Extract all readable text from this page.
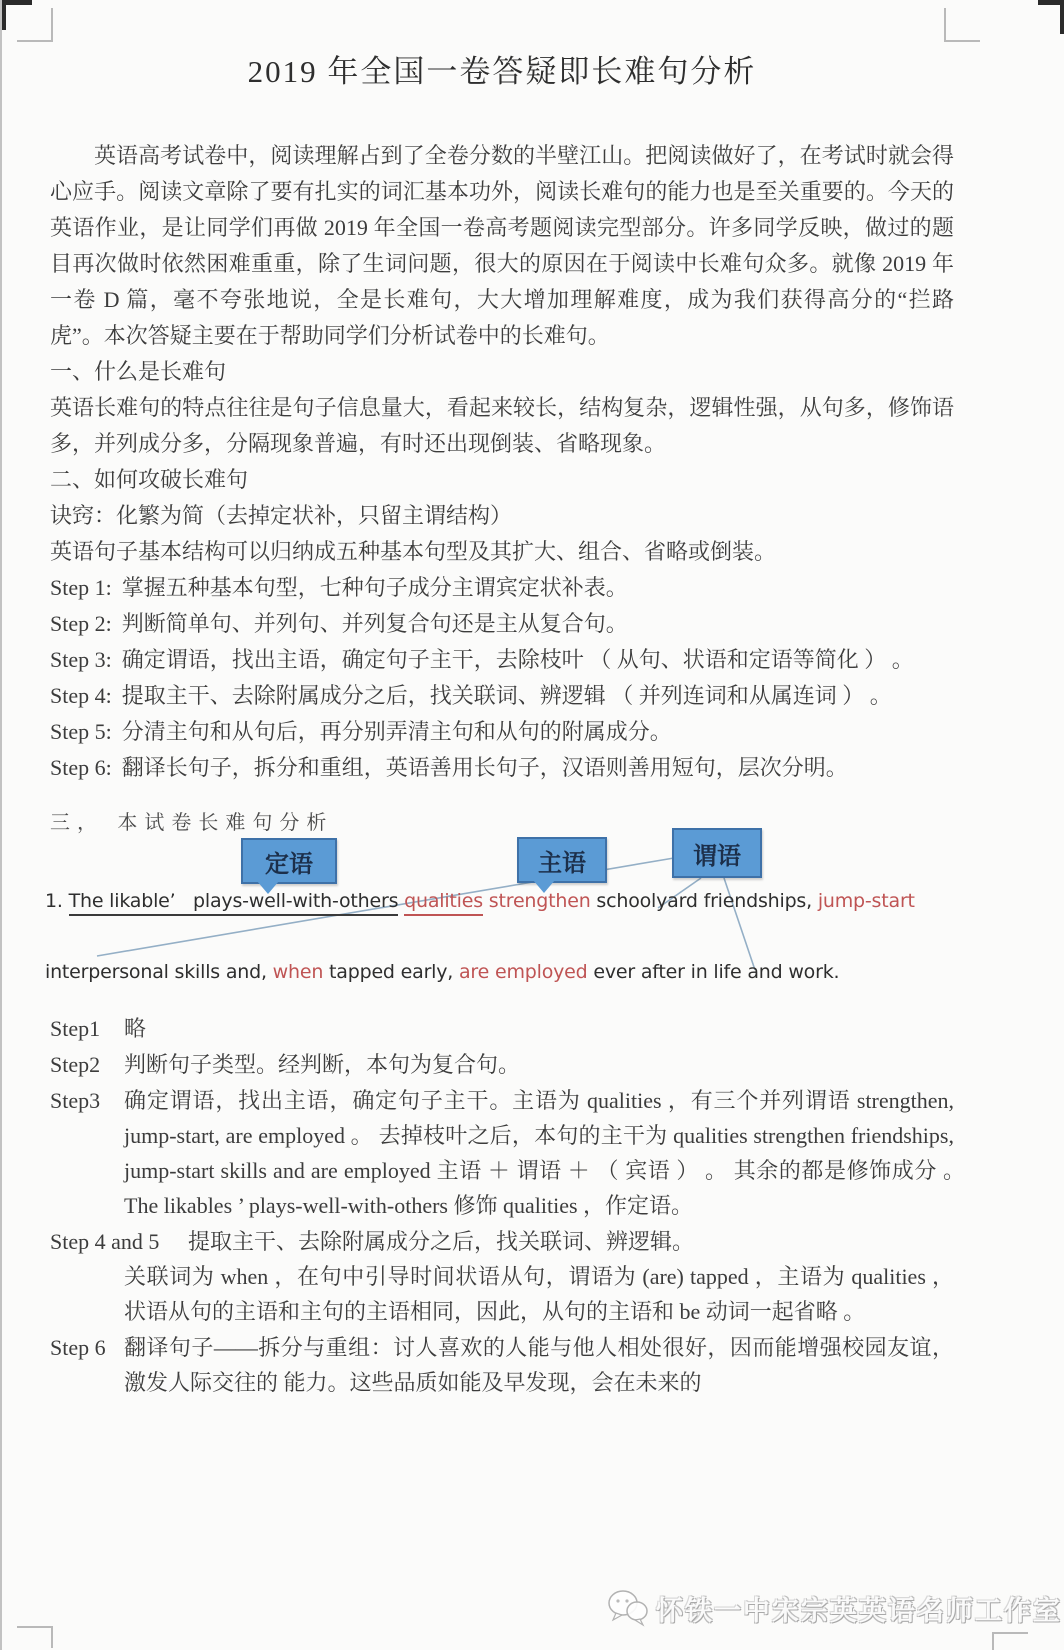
2019 年全国一卷答疑即长难句分析

英语高考试卷中，阅读理解占到了全卷分数的半壁江山。把阅读做好了，在考试时就会得心应手。阅读文章除了要有扎实的词汇基本功外，阅读长难句的能力也是至关重要的。今天的英语作业，是让同学们再做 2019 年全国一卷高考题阅读完型部分。许多同学反映，做过的题目再次做时依然困难重重，除了生词问题，很大的原因在于阅读中长难句众多。就像 2019 年一卷 D 篇，毫不夸张地说，全是长难句，大大增加理解难度，成为我们获得高分的“拦路虎”。本次答疑主要在于帮助同学们分析试卷中的长难句。

一、什么是长难句

英语长难句的特点往往是句子信息量大，看起来较长，结构复杂，逻辑性强，从句多，修饰语多，并列成分多，分隔现象普遍，有时还出现倒装、省略现象。

二、如何攻破长难句

诀窍：化繁为简（去掉定状补，只留主谓结构）

英语句子基本结构可以归纳成五种基本句型及其扩大、组合、省略或倒装。

Step 1: 掌握五种基本句型，七种句子成分主谓宾定状补表。

Step 2: 判断简单句、并列句、并列复合句还是主从复合句。

Step 3: 确定谓语，找出主语，确定句子主干，去除枝叶 （ 从句、状语和定语等简化 ） 。

Step 4: 提取主干、去除附属成分之后，找关联词、辨逻辑 （ 并列连词和从属连词 ） 。

Step 5: 分清主句和从句后，再分别弄清主句和从句的附属成分。

Step 6: 翻译长句子，拆分和重组，英语善用长句子，汉语则善用短句，层次分明。

三， 本试卷长难句分析
定语	主语	谓语
1. The likable’   plays-well-with-others qualities strengthen schoolyard friendships, jump-start
interpersonal skills and, when tapped early, are employed ever after in life and work.
Step1	略
Step2	判断句子类型。经判断，本句为复合句。
Step3	确定谓语，找出主语，确定句子主干。主语为 qualities ，有三个并列谓语 strengthen, jump-start, are employed 。 去掉枝叶之后，本句的主干为 qualities strengthen friendships, jump-start skills and are employed 主语 ＋ 谓语 ＋ （ 宾语 ） 。 其余的都是修饰成分 。　The likables ’ plays-well-with-others 修饰 qualities ，作定语。
Step 4 and 5	提取主干、去除附属成分之后，找关联词、辨逻辑。
关联词为 when ，在句中引导时间状语从句，谓语为 (are) tapped ，主语为 qualities ，状语从句的主语和主句的主语相同，因此，从句的主语和 be 动词一起省略 。
Step 6 翻译句子——拆分与重组：讨人喜欢的人能与他人相处很好，因而能增强校园友谊，激发人际交往的 能力。这些品质如能及早发现，会在未来的
怀铁一中宋宗英英语名师工作室
